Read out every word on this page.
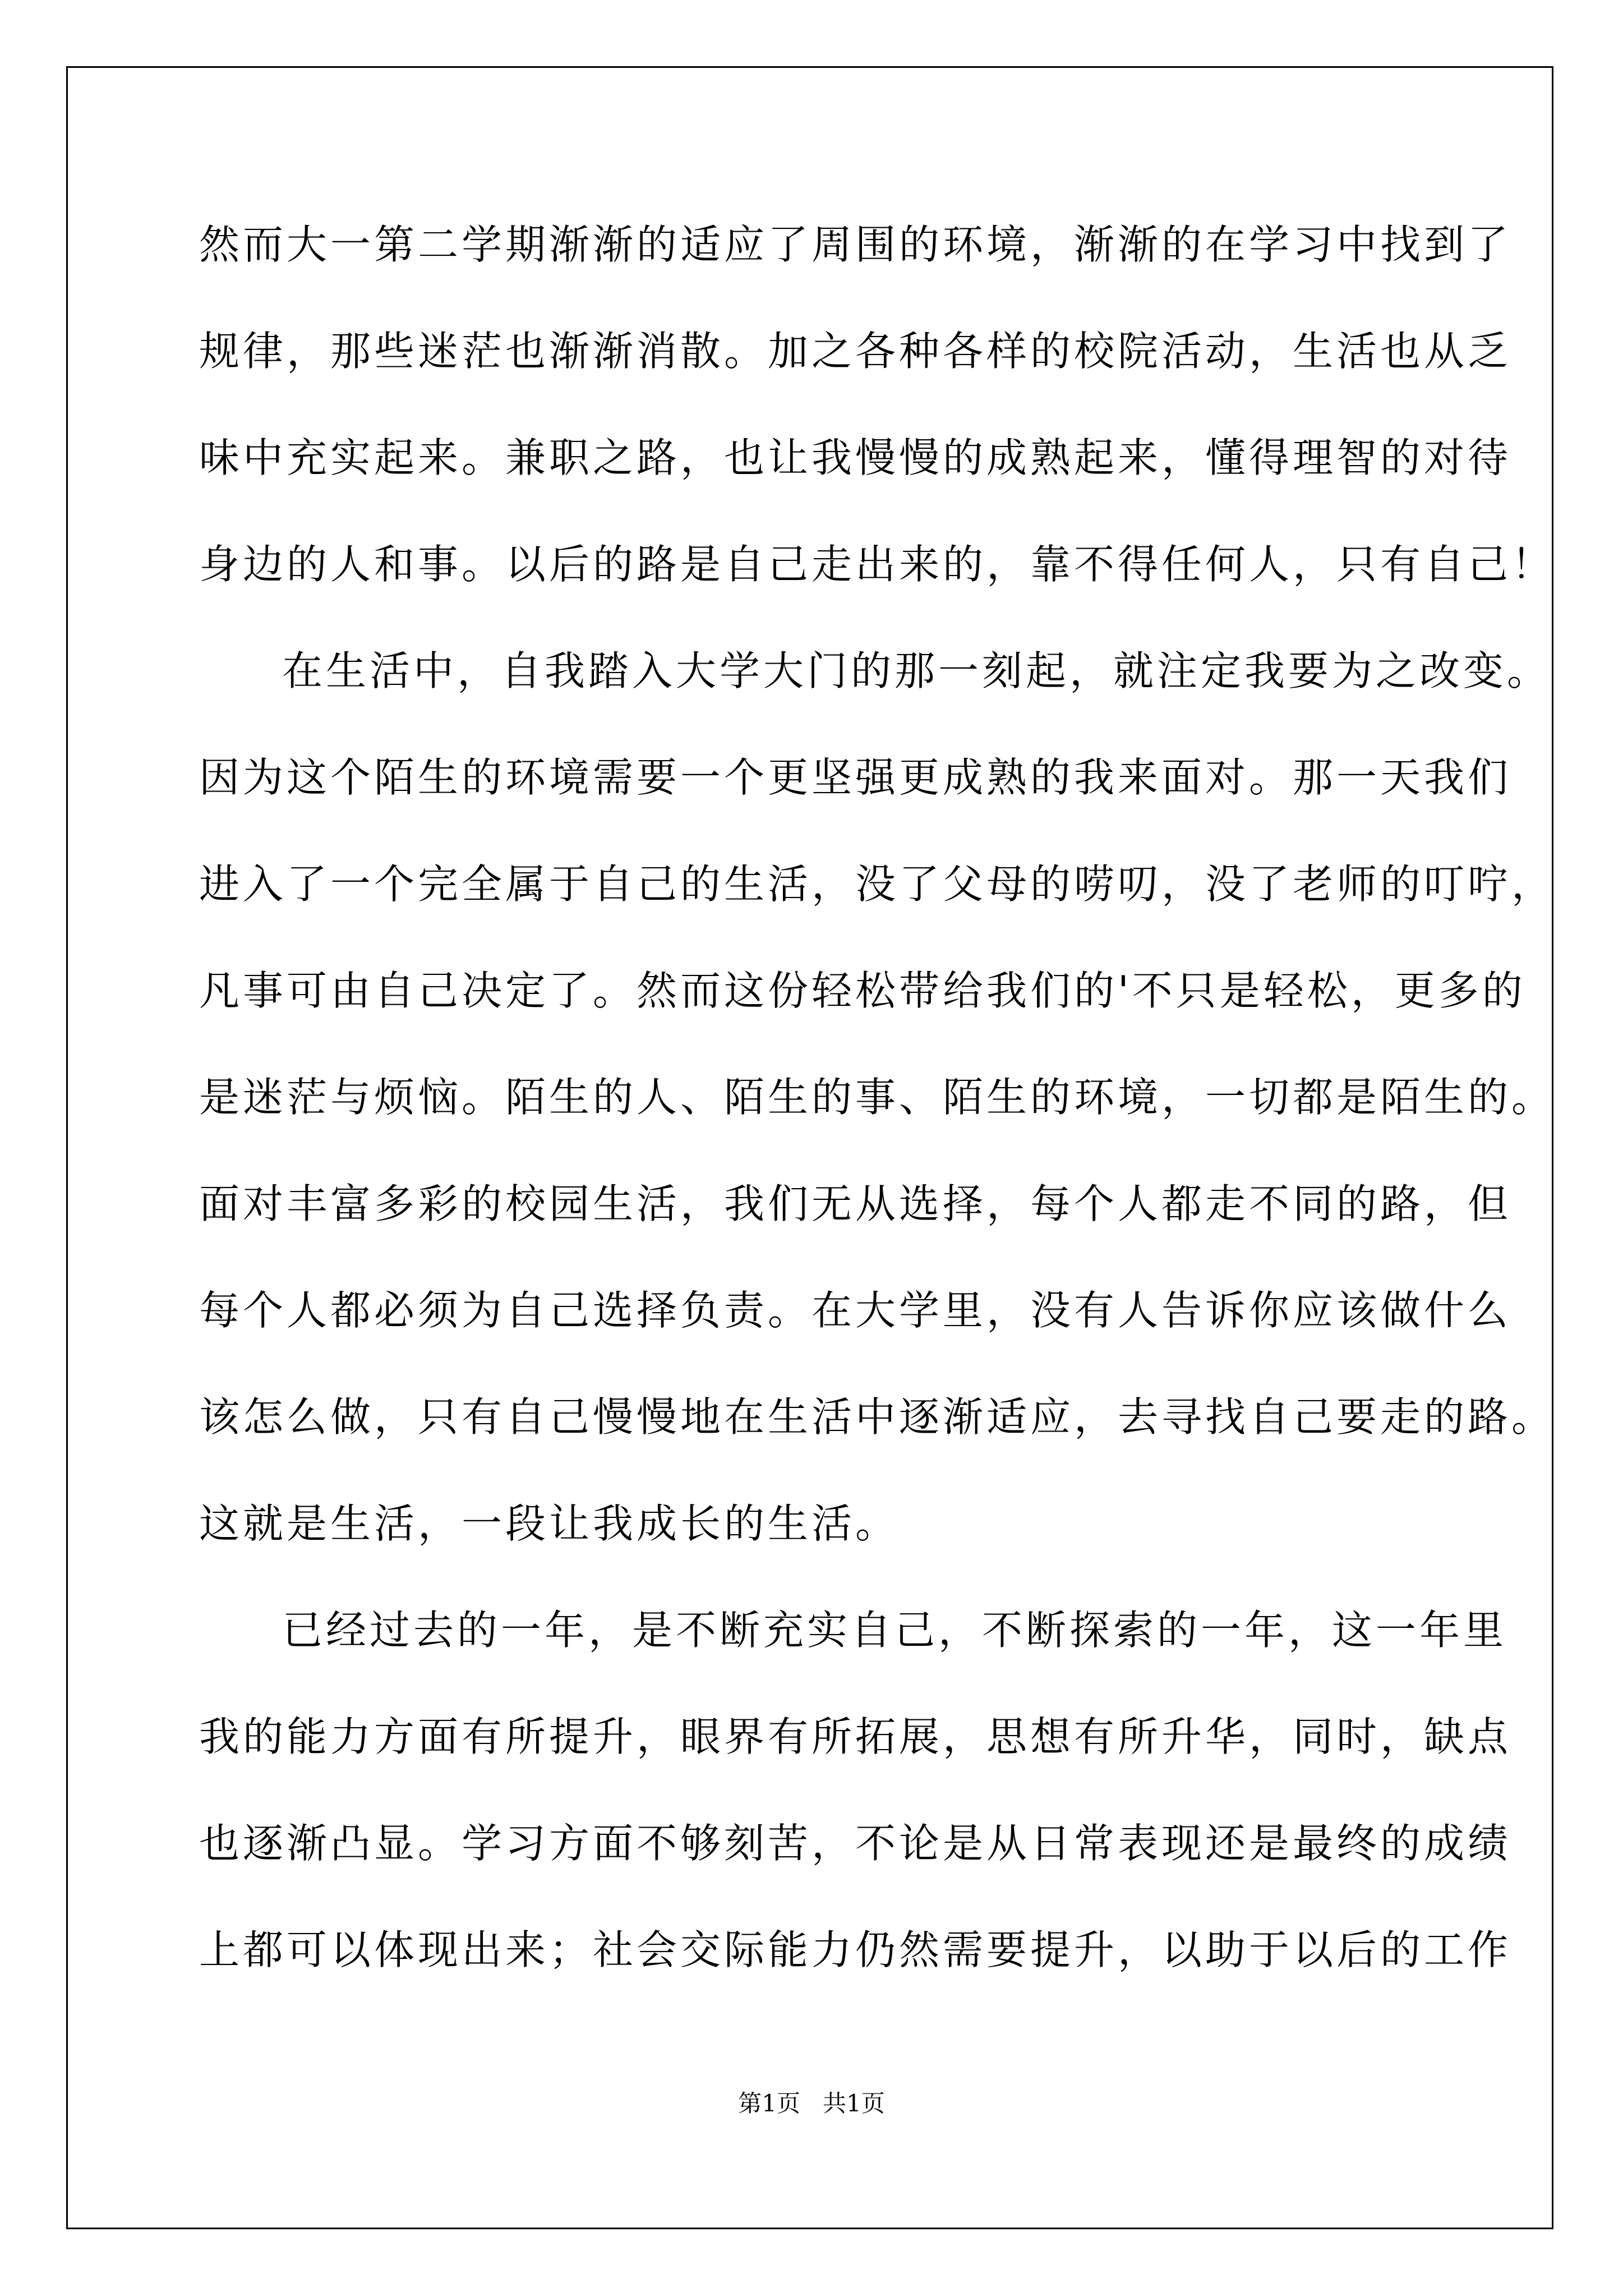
然而大一第二学期渐渐的适应了周围的环境，渐渐的在学习中找到了
规律，那些迷茫也渐渐消散。加之各种各样的校院活动，生活也从乏
味中充实起来。兼职之路，也让我慢慢的成熟起来，懂得理智的对待
身边的人和事。以后的路是自己走出来的，靠不得任何人，只有自己！
在生活中，自我踏入大学大门的那一刻起，就注定我要为之改变。
因为这个陌生的环境需要一个更坚强更成熟的我来面对。那一天我们
进入了一个完全属于自己的生活，没了父母的唠叨，没了老师的叮咛，
凡事可由自己决定了。然而这份轻松带给我们的'不只是轻松，更多的
是迷茫与烦恼。陌生的人、陌生的事、陌生的环境，一切都是陌生的。
面对丰富多彩的校园生活，我们无从选择，每个人都走不同的路，但
每个人都必须为自己选择负责。在大学里，没有人告诉你应该做什么
该怎么做，只有自己慢慢地在生活中逐渐适应，去寻找自己要走的路。
这就是生活，一段让我成长的生活。
已经过去的一年，是不断充实自己，不断探索的一年，这一年里
我的能力方面有所提升，眼界有所拓展，思想有所升华，同时，缺点
也逐渐凸显。学习方面不够刻苦，不论是从日常表现还是最终的成绩
上都可以体现出来；社会交际能力仍然需要提升，以助于以后的工作
第1页   共1页
